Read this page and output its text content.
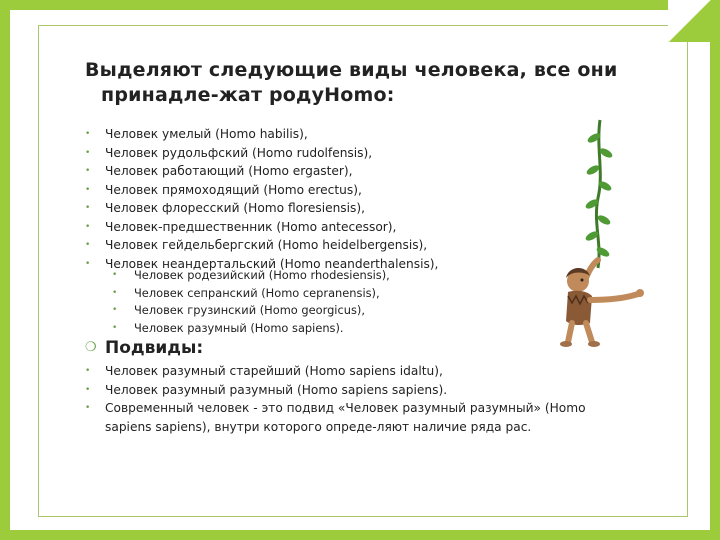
Выделяют следующие виды человека, все они
принадле-жат родуHomo:
• Человек умелый (Homo habilis),
• Человек рудольфский (Homo rudolfensis),
• Человек работающий (Homo ergaster),
• Человек прямоходящий (Homo erectus),
• Человек флоресский (Homo floresiensis),
• Человек-предшественник (Homo antecessor),
• Человек гейдельбергский (Homo heidelbergensis),
• Человек неандертальский (Homo neanderthalensis),
• Человек родезийский (Homo rhodesiensis),
• Человек сепранский (Homo cepranensis),
• Человек грузинский (Homo georgicus),
• Человек разумный (Homo sapiens).
❍ Подвиды:
• Человек разумный старейший (Homo sapiens idaltu),
• Человек разумный разумный (Homo sapiens sapiens).
• Современный человек - это подвид «Человек разумный разумный» (Homo sapiens sapiens), внутри которого опреде-ляют наличие ряда рас.
